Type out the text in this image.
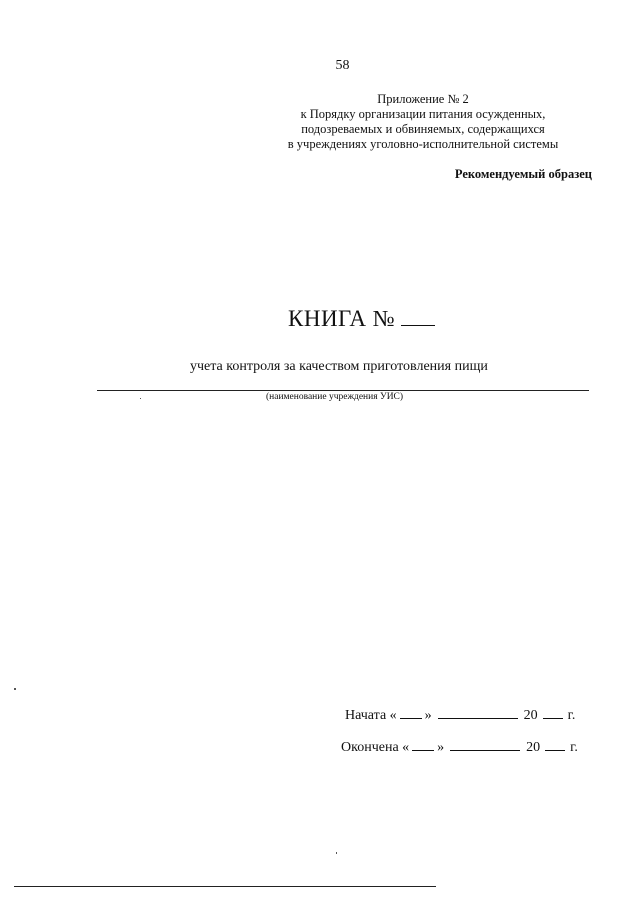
58
Приложение № 2
к Порядку организации питания осужденных,
подозреваемых и обвиняемых, содержащихся
в учреждениях уголовно-исполнительной системы
Рекомендуемый образец
КНИГА №
учета контроля за качеством приготовления пищи
(наименование учреждения УИС)
Начата « »	20 г.
Окончена « »	20 г.
